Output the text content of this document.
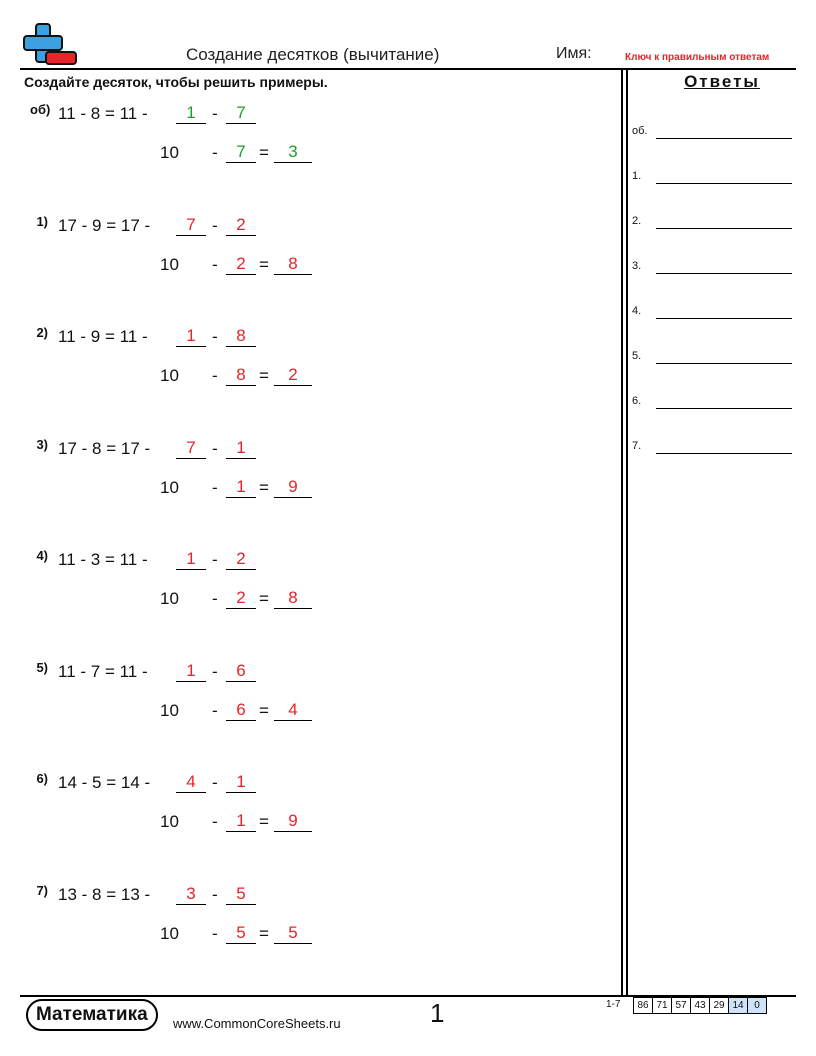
Создание десятков (вычитание)	Имя:	Ключ к правильным ответам
Создайте десяток, чтобы решить примеры.	Ответы
об.
1.
2.
3.
4.
5.
6.
7.
об) 11 - 8 = 11 -	1 -	7
10 -	7 =	3
1) 17 - 9 = 17 -	7 -	2
10 -	2 =	8
2) 11 - 9 = 11 -	1 -	8
10 -	8 =	2
3) 17 - 8 = 17 -	7 -	1
10 -	1 =	9
4) 11 - 3 = 11 -	1 -	2
10 -	2 =	8
5) 11 - 7 = 11 -	1 -	6
10 -	6 =	4
6) 14 - 5 = 14 -	4 -	1
10 -	1 =	9
7) 13 - 8 = 13 -	3 -	5
10 -	5 =	5
Математика	www.CommonCoreSheets.ru	1	1-7	86 71 57 43 29 14	0
